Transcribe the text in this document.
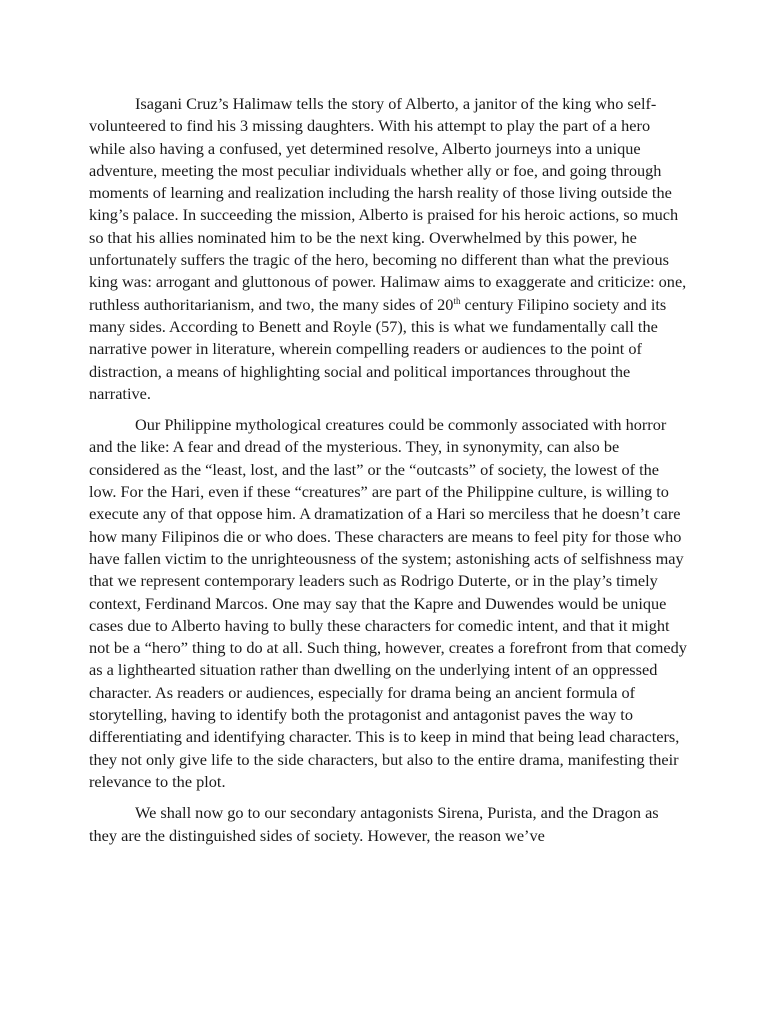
Isagani Cruz’s Halimaw tells the story of Alberto, a janitor of the king who self-volunteered to find his 3 missing daughters. With his attempt to play the part of a hero while also having a confused, yet determined resolve, Alberto journeys into a unique adventure, meeting the most peculiar individuals whether ally or foe, and going through moments of learning and realization including the harsh reality of those living outside the king’s palace. In succeeding the mission, Alberto is praised for his heroic actions, so much so that his allies nominated him to be the next king. Overwhelmed by this power, he unfortunately suffers the tragic of the hero, becoming no different than what the previous king was: arrogant and gluttonous of power. Halimaw aims to exaggerate and criticize: one, ruthless authoritarianism, and two, the many sides of 20th century Filipino society and its many sides. According to Benett and Royle (57), this is what we fundamentally call the narrative power in literature, wherein compelling readers or audiences to the point of distraction, a means of highlighting social and political importances throughout the narrative.

Our Philippine mythological creatures could be commonly associated with horror and the like: A fear and dread of the mysterious. They, in synonymity, can also be considered as the “least, lost, and the last” or the “outcasts” of society, the lowest of the low. For the Hari, even if these “creatures” are part of the Philippine culture, is willing to execute any of that oppose him. A dramatization of a Hari so merciless that he doesn’t care how many Filipinos die or who does. These characters are means to feel pity for those who have fallen victim to the unrighteousness of the system; astonishing acts of selfishness may that we represent contemporary leaders such as Rodrigo Duterte, or in the play’s timely context, Ferdinand Marcos. One may say that the Kapre and Duwendes would be unique cases due to Alberto having to bully these characters for comedic intent, and that it might not be a “hero” thing to do at all. Such thing, however, creates a forefront from that comedy as a lighthearted situation rather than dwelling on the underlying intent of an oppressed character. As readers or audiences, especially for drama being an ancient formula of storytelling, having to identify both the protagonist and antagonist paves the way to differentiating and identifying character. This is to keep in mind that being lead characters, they not only give life to the side characters, but also to the entire drama, manifesting their relevance to the plot.

We shall now go to our secondary antagonists Sirena, Purista, and the Dragon as they are the distinguished sides of society. However, the reason we’ve
